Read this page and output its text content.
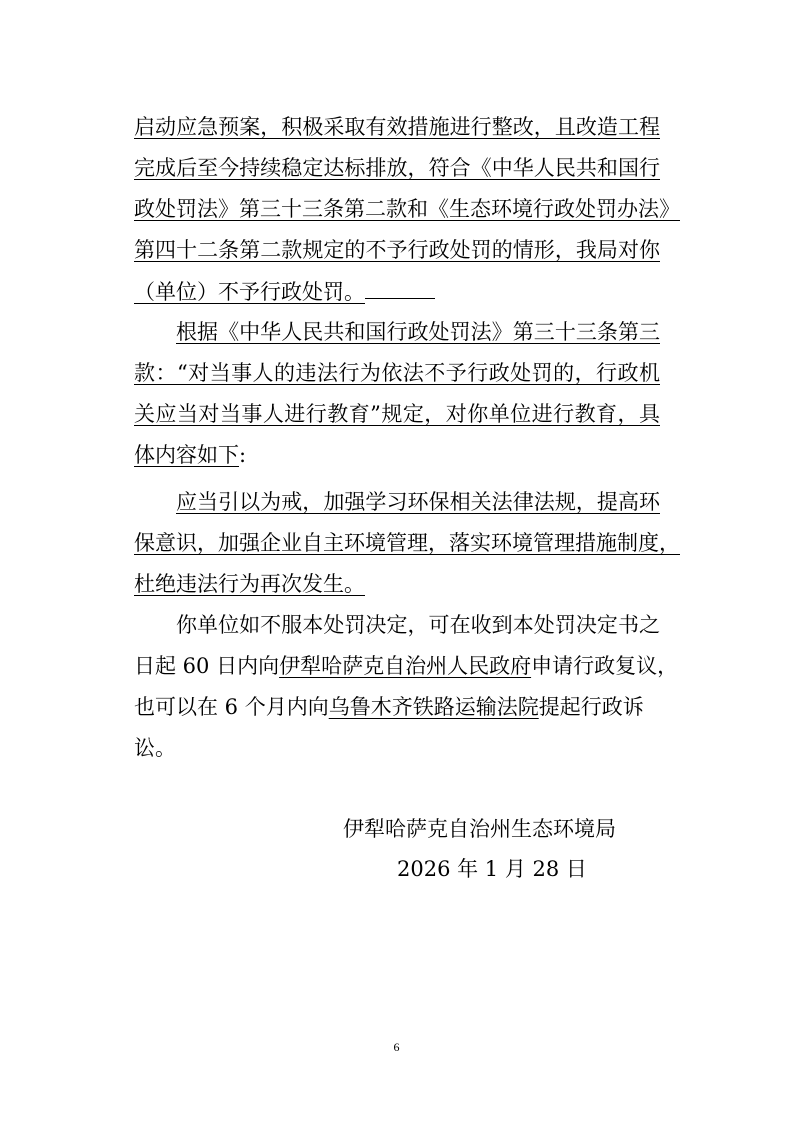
启动应急预案，积极采取有效措施进行整改，且改造工程
完成后至今持续稳定达标排放，符合《中华人民共和国行
政处罚法》第三十三条第二款和《生态环境行政处罚办法》
第四十二条第二款规定的不予行政处罚的情形，我局对你
（单位）不予行政处罚。
根据《中华人民共和国行政处罚法》第三十三条第三
款：“对当事人的违法行为依法不予行政处罚的，行政机
关应当对当事人进行教育”规定，对你单位进行教育，具
体内容如下:
应当引以为戒，加强学习环保相关法律法规，提高环
保意识，加强企业自主环境管理，落实环境管理措施制度，
杜绝违法行为再次发生。
你单位如不服本处罚决定，可在收到本处罚决定书之
日起 60 日内向伊犁哈萨克自治州人民政府申请行政复议，
也可以在 6 个月内向乌鲁木齐铁路运输法院提起行政诉
讼。
伊犁哈萨克自治州生态环境局
2026 年 1 月 28 日
6
